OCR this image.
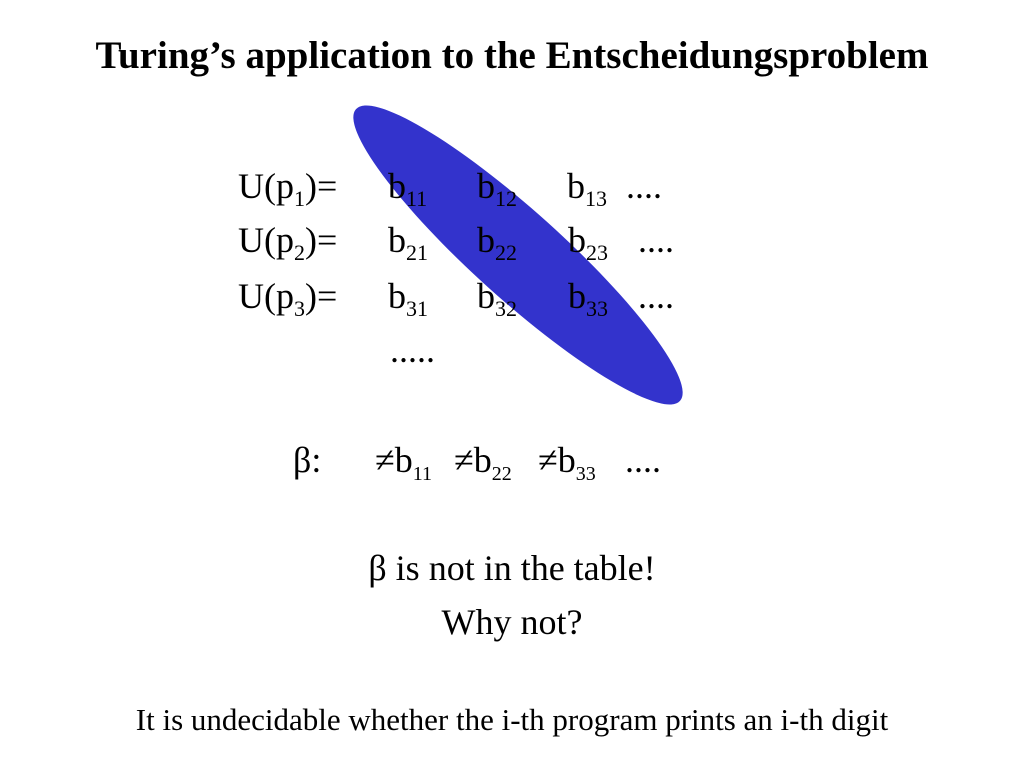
Turing’s application to the Entscheidungsproblem
$U(p_1)= b_{11}$ $b_{12}$ $b_{13}$ ....
$U(p_2)= b_{21}$ $b_{22}$ $b_{23}$ ....
$U(p_3)= b_{31}$ $b_{32}$ $b_{33}$ ....
.....
β: $\ne b_{11} \ne b_{22} \ne b_{33}$ ....
β is not in the table!
Why not?
It is undecidable whether the i-th program prints an i-th digit
